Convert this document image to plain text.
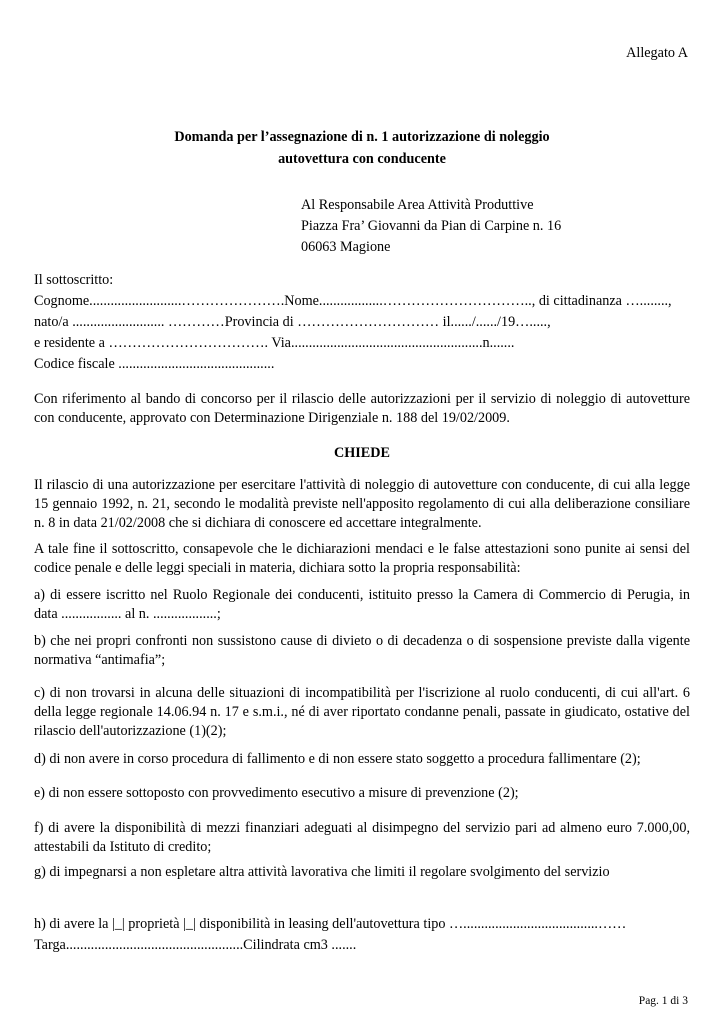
Allegato A
Domanda per l’assegnazione di n. 1 autorizzazione di noleggio
autovettura con conducente
Al Responsabile Area Attività Produttive
Piazza Fra’ Giovanni da Pian di Carpine n. 16
06063 Magione
Il sottoscritto:
Cognome..........................………………….Nome..................………………………….., di cittadinanza …........,
nato/a .......................... …………Provincia di ………………………… il....../....../19….....,
e residente a ……………………………. Via......................................................n.......
Codice fiscale ............................................

Con riferimento al bando di concorso per il rilascio delle autorizzazioni per il servizio di noleggio di autovetture con conducente, approvato con Determinazione Dirigenziale n. 188 del 19/02/2009.

CHIEDE

Il rilascio di una autorizzazione per esercitare l'attività di noleggio di autovetture con conducente, di cui alla legge 15 gennaio 1992, n. 21, secondo le modalità previste nell'apposito regolamento di cui alla deliberazione consiliare n. 8 in data 21/02/2008 che si dichiara di conoscere ed accettare integralmente.

A tale fine il sottoscritto, consapevole che le dichiarazioni mendaci e le false attestazioni sono punite ai sensi del codice penale e delle leggi speciali in materia, dichiara sotto la propria responsabilità:

a) di essere iscritto nel Ruolo Regionale dei conducenti, istituito presso la Camera di Commercio di Perugia, in data ................. al n. ..................;

b) che nei propri confronti non sussistono cause di divieto o di decadenza o di sospensione previste dalla vigente normativa “antimafia”;

c) di non trovarsi in alcuna delle situazioni di incompatibilità per l'iscrizione al ruolo conducenti, di cui all'art. 6 della legge regionale 14.06.94 n. 17 e s.m.i., né di aver riportato condanne penali, passate in giudicato, ostative del rilascio dell'autorizzazione (1)(2);

d) di non avere in corso procedura di fallimento e di non essere stato soggetto a procedura fallimentare (2);

e) di non essere sottoposto con provvedimento esecutivo a misure di prevenzione (2);

f) di avere la disponibilità di mezzi finanziari adeguati al disimpegno del servizio pari ad almeno euro 7.000,00, attestabili da Istituto di credito;

g) di impegnarsi a non espletare altra attività lavorativa che limiti il regolare svolgimento del servizio

h) di avere la |_| proprietà |_| disponibilità in leasing dell'autovettura tipo …......................................……
Targa..................................................Cilindrata cm3 .......
Pag. 1 di 3
